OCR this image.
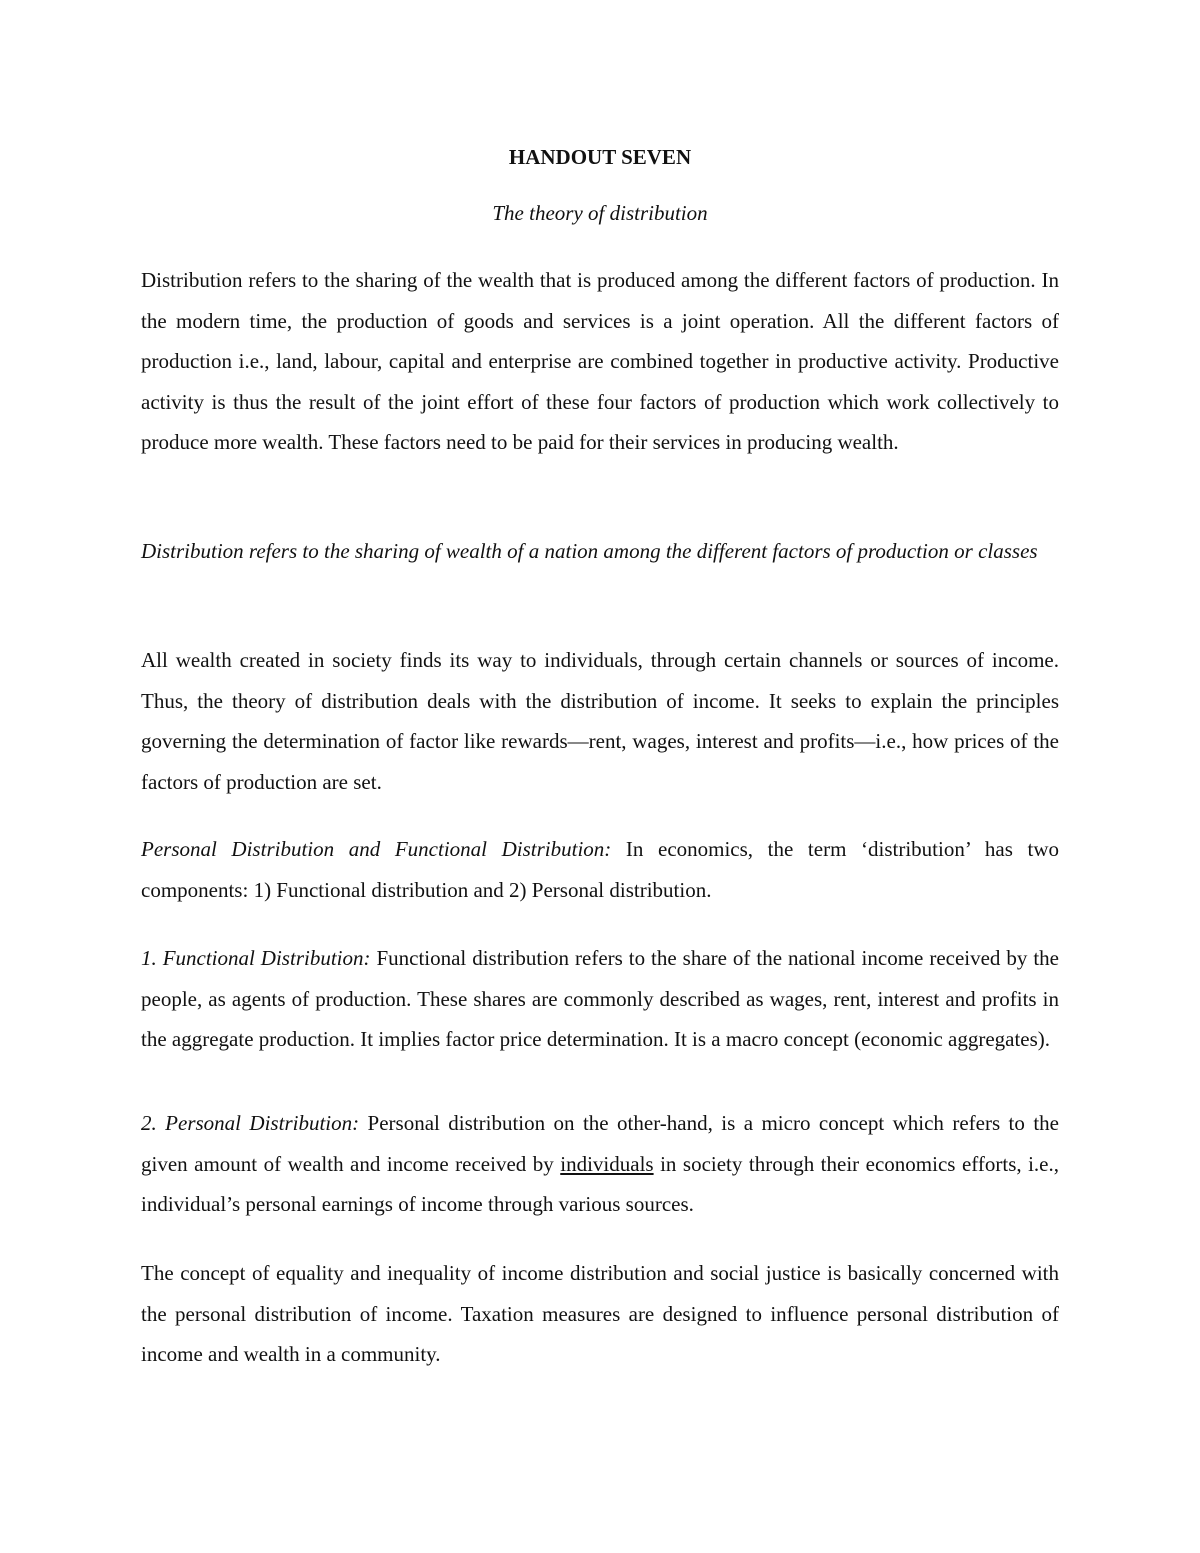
HANDOUT SEVEN
The theory of distribution

Distribution refers to the sharing of the wealth that is produced among the different factors of production. In the modern time, the production of goods and services is a joint operation. All the different factors of production i.e., land, labour, capital and enterprise are combined together in productive activity. Productive activity is thus the result of the joint effort of these four factors of production which work collectively to produce more wealth. These factors need to be paid for their services in producing wealth.

Distribution refers to the sharing of wealth of a nation among the different factors of production or classes

All wealth created in society finds its way to individuals, through certain channels or sources of income. Thus, the theory of distribution deals with the distribution of income. It seeks to explain the principles governing the determination of factor like rewards—rent, wages, interest and profits—i.e., how prices of the factors of production are set.

Personal Distribution and Functional Distribution: In economics, the term ‘distribution’ has two components: 1) Functional distribution and 2) Personal distribution.

1. Functional Distribution: Functional distribution refers to the share of the national income received by the people, as agents of production. These shares are commonly described as wages, rent, interest and profits in the aggregate production. It implies factor price determination. It is a macro concept (economic aggregates).

2. Personal Distribution: Personal distribution on the other-hand, is a micro concept which refers to the given amount of wealth and income received by individuals in society through their economics efforts, i.e., individual’s personal earnings of income through various sources.

The concept of equality and inequality of income distribution and social justice is basically concerned with the personal distribution of income. Taxation measures are designed to influence personal distribution of income and wealth in a community.
